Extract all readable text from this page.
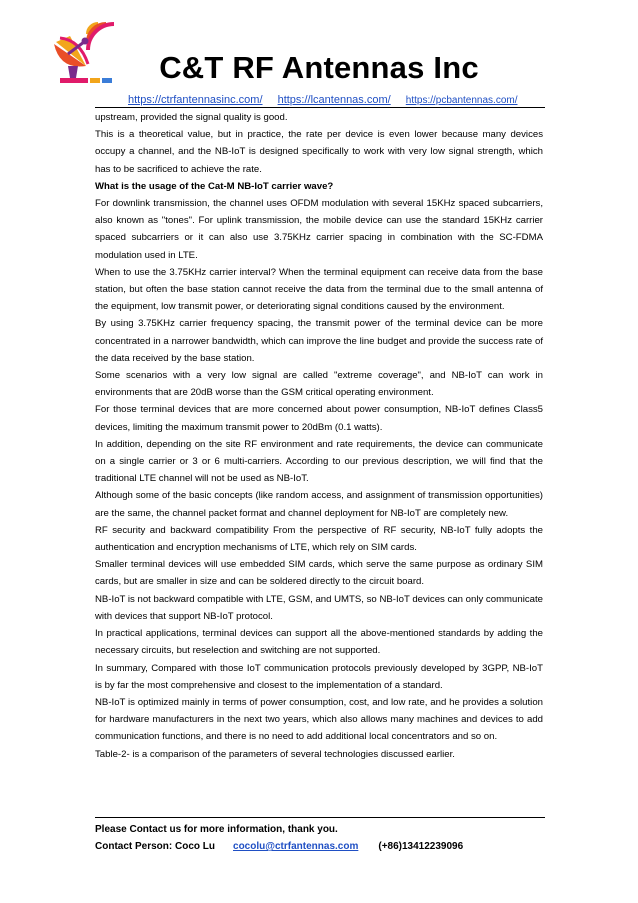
C&T RF Antennas Inc
https://ctrfantennasinc.com/ https://lcantennas.com/ https://pcbantennas.com/

upstream, provided the signal quality is good.

This is a theoretical value, but in practice, the rate per device is even lower because many devices occupy a channel, and the NB-IoT is designed specifically to work with very low signal strength, which has to be sacrificed to achieve the rate.

What is the usage of the Cat-M NB-IoT carrier wave?

For downlink transmission, the channel uses OFDM modulation with several 15KHz spaced subcarriers, also known as "tones". For uplink transmission, the mobile device can use the standard 15KHz carrier spaced subcarriers or it can also use 3.75KHz carrier spacing in combination with the SC-FDMA modulation used in LTE.

When to use the 3.75KHz carrier interval? When the terminal equipment can receive data from the base station, but often the base station cannot receive the data from the terminal due to the small antenna of the equipment, low transmit power, or deteriorating signal conditions caused by the environment.

By using 3.75KHz carrier frequency spacing, the transmit power of the terminal device can be more concentrated in a narrower bandwidth, which can improve the line budget and provide the success rate of the data received by the base station.

Some scenarios with a very low signal are called "extreme coverage", and NB-IoT can work in environments that are 20dB worse than the GSM critical operating environment.

For those terminal devices that are more concerned about power consumption, NB-IoT defines Class5 devices, limiting the maximum transmit power to 20dBm (0.1 watts).

In addition, depending on the site RF environment and rate requirements, the device can communicate on a single carrier or 3 or 6 multi-carriers. According to our previous description, we will find that the traditional LTE channel will not be used as NB-IoT.

Although some of the basic concepts (like random access, and assignment of transmission opportunities) are the same, the channel packet format and channel deployment for NB-IoT are completely new.

RF security and backward compatibility From the perspective of RF security, NB-IoT fully adopts the authentication and encryption mechanisms of LTE, which rely on SIM cards.

Smaller terminal devices will use embedded SIM cards, which serve the same purpose as ordinary SIM cards, but are smaller in size and can be soldered directly to the circuit board.

NB-IoT is not backward compatible with LTE, GSM, and UMTS, so NB-IoT devices can only communicate with devices that support NB-IoT protocol.

In practical applications, terminal devices can support all the above-mentioned standards by adding the necessary circuits, but reselection and switching are not supported.

In summary, Compared with those IoT communication protocols previously developed by 3GPP, NB-IoT is by far the most comprehensive and closest to the implementation of a standard.

NB-IoT is optimized mainly in terms of power consumption, cost, and low rate, and he provides a solution for hardware manufacturers in the next two years, which also allows many machines and devices to add communication functions, and there is no need to add additional local concentrators and so on.

Table-2- is a comparison of the parameters of several technologies discussed earlier.

Please Contact us for more information, thank you.
Contact Person: Coco Lu cocolu@ctrfantennas.com (+86)13412239096
